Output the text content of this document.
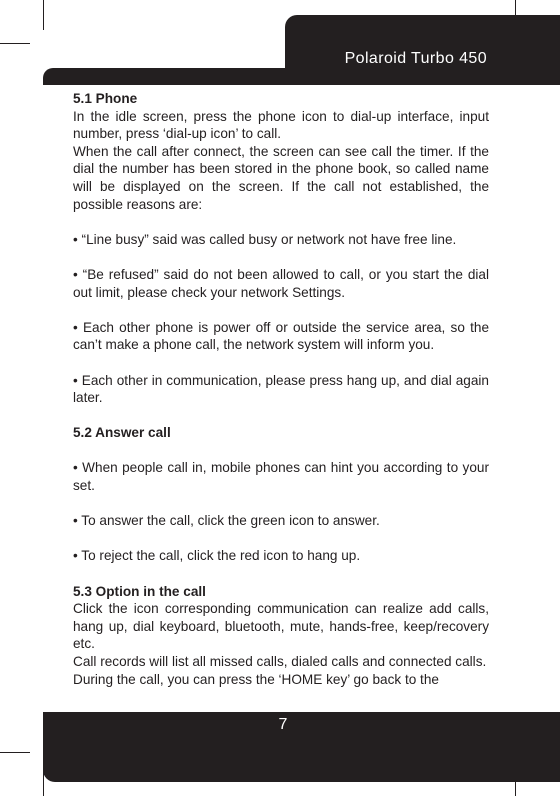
Polaroid Turbo 450

5.1 Phone

In the idle screen, press the phone icon to dial-up interface, input number, press ‘dial-up icon’ to call.

When the call after connect, the screen can see call the timer. If the dial the number has been stored in the phone book, so called name will be displayed on the screen. If the call not established, the possible reasons are:

• “Line busy” said was called busy or network not have free line.

• “Be refused” said do not been allowed to call, or you start the dial out limit, please check your network Settings.

• Each other phone is power off or outside the service area, so the can’t make a phone call, the network system will inform you.

• Each other in communication, please press hang up, and dial again later.

5.2 Answer call

• When people call in, mobile phones can hint you according to your set.

• To answer the call, click the green icon to answer.

• To reject the call, click the red icon to hang up.

5.3 Option in the call

Click the icon corresponding communication can realize add calls, hang up, dial keyboard, bluetooth, mute, hands-free, keep/recovery etc.

Call records will list all missed calls, dialed calls and connected calls.

During the call, you can press the ‘HOME key’ go back to the

7
